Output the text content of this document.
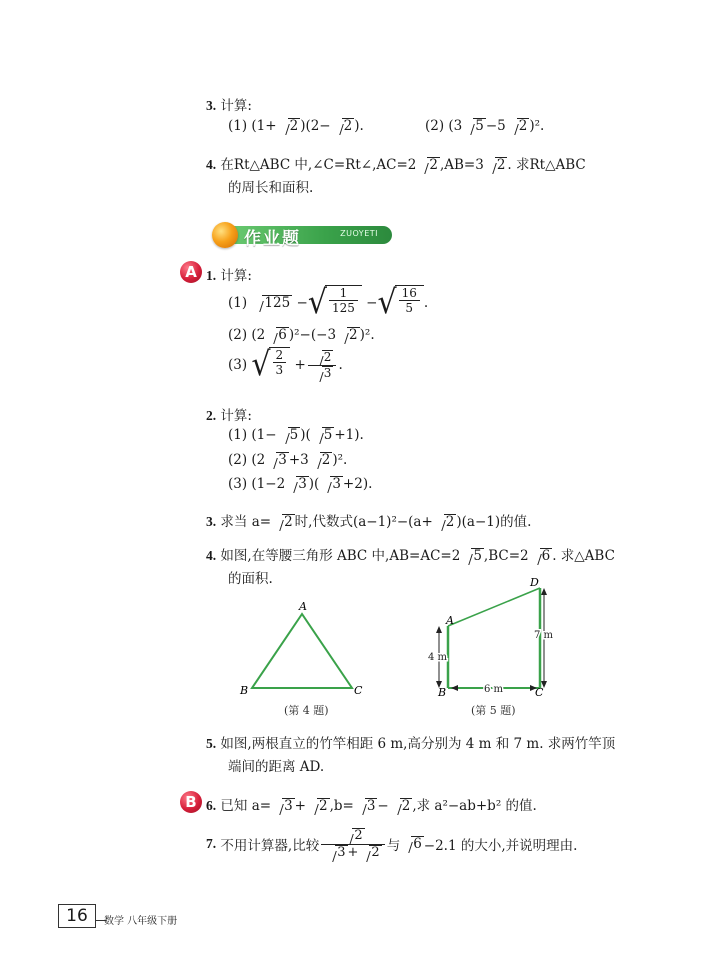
3. 计算:
(1) (1+ 2 )(2− 2 ).	(2) (3 5 −5 2 )².
4. 在Rt△ABC 中,∠C=Rt∠,AC=2 2 ,AB=3 2 . 求Rt△ABC
的周长和面积.
作业题	ZUOYETI
A 1. 计算:
(1)
	125 − √ $\frac{1}{125}$ − √ $\frac{16}{5}$ .
(2) (2 6 )²−(−3 2 )².
(3)
√ $\frac{2}{3} + \frac{2}{3}$ .
2. 计算:
(1) (1− 5 )( 5 +1).
(2) (2 3 +3 2 )².
(3) (1−2 3 )( 3 +2).
3. 求当 a= 2 时,代数式(a−1)²−(a+ 2 )(a−1)的值.
4. 如图,在等腰三角形 ABC 中,AB=AC=2 5 ,BC=2 6 . 求△ABC
的面积.
A
B	C
(第 4 题)
6 m
4 m
7 m
A
B	C
D
(第 5 题)
5. 如图,两根直立的竹竿相距 6 m,高分别为 4 m 和 7 m. 求两竹竿顶
端间的距离 AD.
B 6. 已知 a= 3 + 2 ,b= 3 − 2 ,求 a²−ab+b² 的值.
7.
不用计算器,比较 $\frac{2}{3 + 2}$ 与 6 −2.1 的大小,并说明理由.
16	数学 八年级下册
